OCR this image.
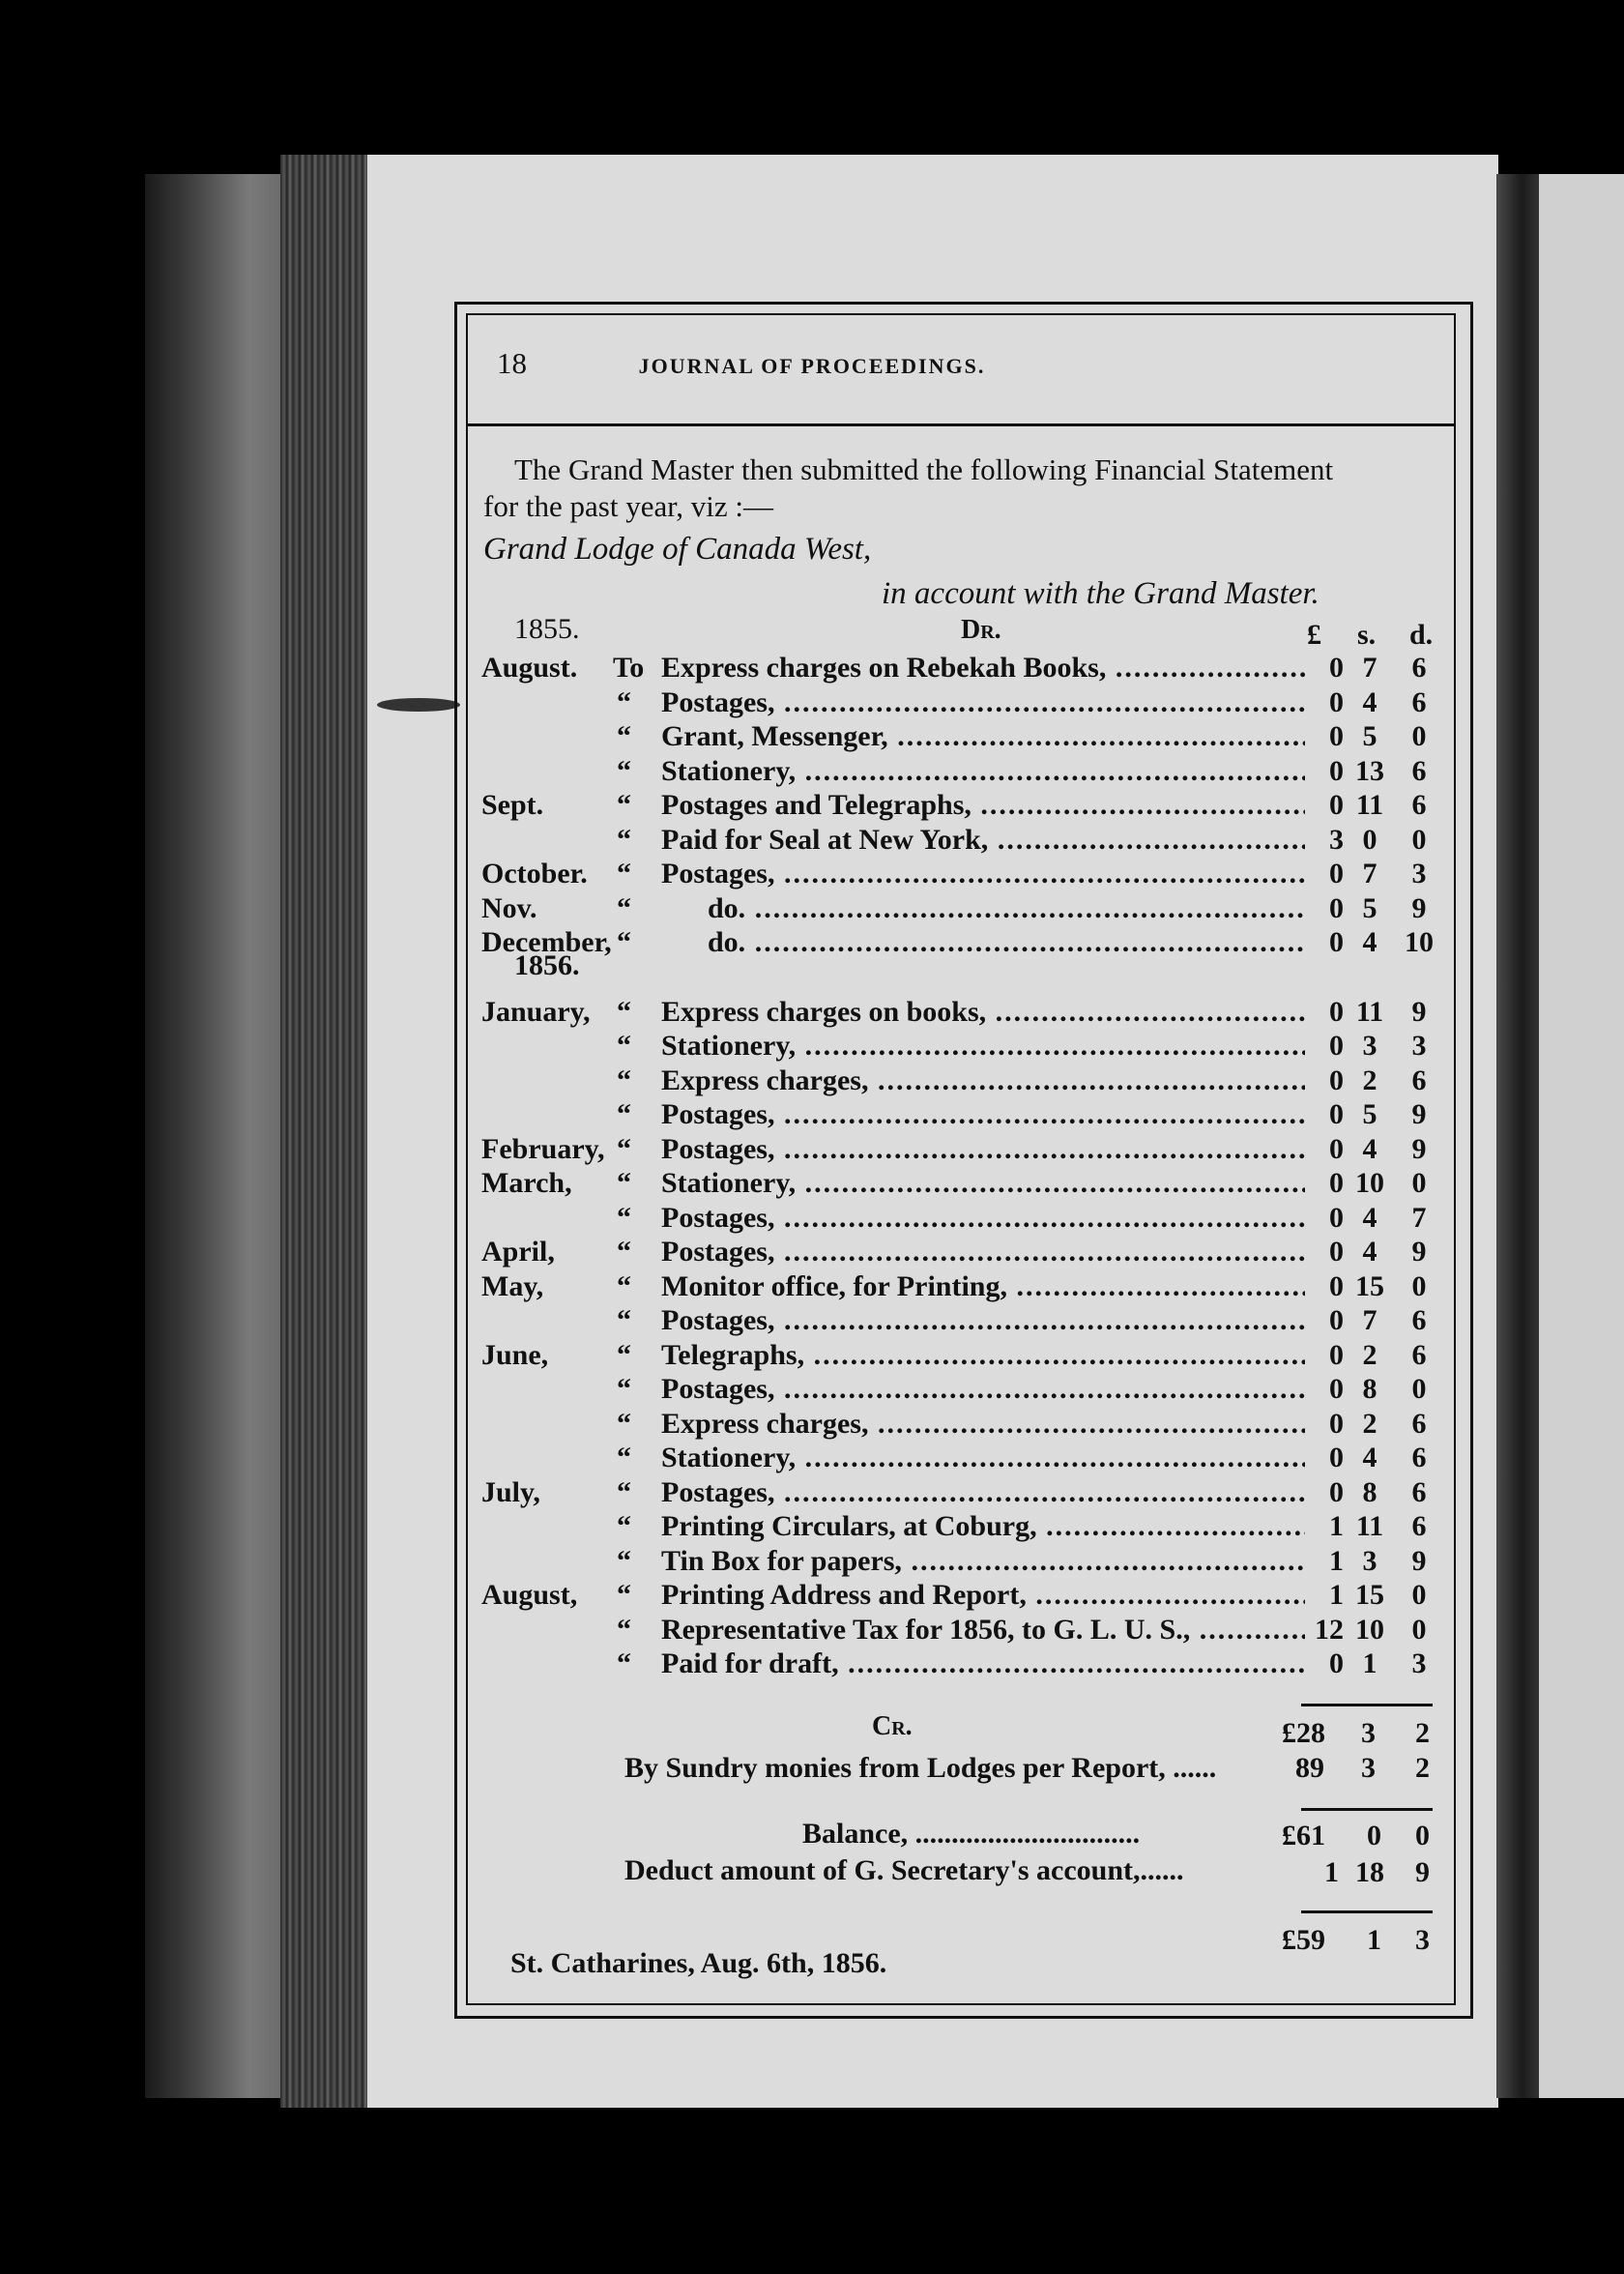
18	JOURNAL OF PROCEEDINGS.
The Grand Master then submitted the following Financial Statement
for the past year, viz :—
Grand Lodge of Canada West,
in account with the Grand Master.
1855.	Dr.	£ s. d.
August. To Express charges on Rebekah Books, .....	0 7	6
“ Postages, .....	0 4	6
“ Grant, Messenger, .....	0 5	0
“ Stationery, .....	0 13 6
Sept.	“ Postages and Telegraphs, .....	0 11 6
“ Paid for Seal at New York, .....	3 0	0
October. “ Postages, .....	0 7	3
Nov.	“	do. .....	0 5	9
December, “	do. .....	0 4 10
January, “ Express charges on books, .....	0 11 9
“ Stationery, .....	0 3	3
“ Express charges, .....	0 2	6
“ Postages, .....	0 5	9
February, “ Postages, .....	0 4	9
March, “ Stationery, .....	0 10 0
“ Postages, .....	0 4	7
April, “ Postages, .....	0 4	9
May,	“ Monitor office, for Printing, .....	0 15 0
“ Postages, .....	0 7	6
June, “ Telegraphs, .....	0 2	6
“ Postages, .....	0 8	0
“ Express charges, .....	0 2	6
“ Stationery, .....	0 4	6
July,	“ Postages, .....	0 8	6
“ Printing Circulars, at Coburg, .....	1 11 6
“ Tin Box for papers, .....	1 3	9
August, “ Printing Address and Report, .....	1 15 0
“ Representative Tax for 1856, to G. L. U. S., .....	12 10 0
“ Paid for draft, .....	0 1	3
1856.
Cr.	£28 3 2
By Sundry monies from Lodges per Report, ......	89 3 2
Balance, ...............................	£61 0 0
Deduct amount of G. Secretary's account,......	1 18 9
£59 1 3
St. Catharines, Aug. 6th, 1856.
